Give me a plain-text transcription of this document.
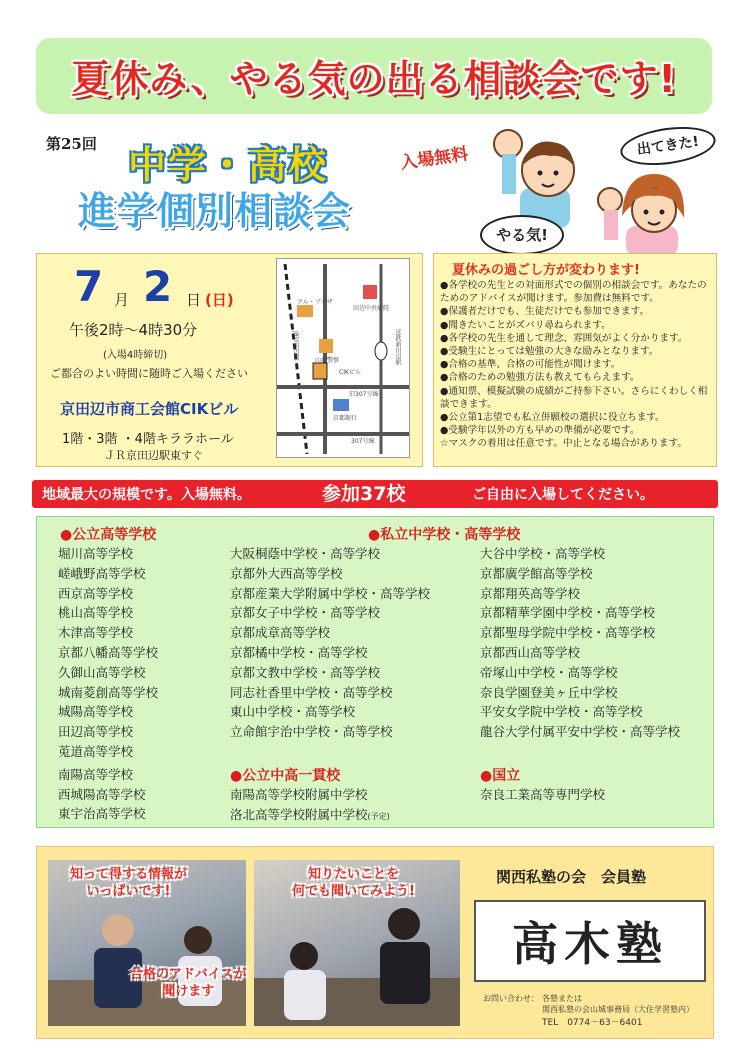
夏休み、やる気の出る相談会です!
第25回 中学・高校
進学個別相談会
入場無料
やる気!
出てきた!
7 月 2 日 (日)
午後2時～4時30分
(入場4時締切)
ご都合のよい時間に随時ご入場ください
京田辺市商工会館CIKビル
1階・3階 ・4階キララホール
ＪＲ京田辺駅東すぐ
アル・プラザ
田辺中央病院
JR京田辺駅	近鉄新田辺駅
京都銀行
CIKビル
旧307号線
307号線
山城警察
夏休みの過ごし方が変わります!
●各学校の先生との対面形式での個別の相談会です。あなたのためのアドバイスが聞けます。参加費は無料です。
●保護者だけでも、生徒だけでも参加できます。
●聞きたいことがズバリ尋ねられます。
●各学校の先生を通して理念、雰囲気がよく分かります。
●受験生にとっては勉強の大きな励みとなります。
●合格の基準、合格の可能性が聞けます。
●合格のための勉強方法も教えてもらえます。
●通知票、模擬試験の成績がご持参下さい。さらにくわしく相談できます。
●公立第1志望でも私立併願校の選択に役立ちます。
●受験学年以外の方も早めの準備が必要です。
☆マスクの着用は任意です。中止となる場合があります。
地域最大の規模です。入場無料。	参加37校	ご自由に入場してください。
●公立高等学校
堀川高等学校
嵯峨野高等学校
西京高等学校
桃山高等学校
木津高等学校
京都八幡高等学校
久御山高等学校
城南菱創高等学校
城陽高等学校
田辺高等学校
莵道高等学校
南陽高等学校
西城陽高等学校
東宇治高等学校
●私立中学校・高等学校
大阪桐蔭中学校・高等学校
京都外大西高等学校
京都産業大学附属中学校・高等学校
京都女子中学校・高等学校
京都成章高等学校
京都橘中学校・高等学校
京都文教中学校・高等学校
同志社香里中学校・高等学校
東山中学校・高等学校
立命館宇治中学校・高等学校
大谷中学校・高等学校
京都廣学館高等学校
京都翔英高等学校
京都精華学園中学校・高等学校
京都聖母学院中学校・高等学校
京都西山高等学校
帝塚山中学校・高等学校
奈良学園登美ヶ丘中学校
平安女学院中学校・高等学校
龍谷大学付属平安中学校・高等学校
●公立中高一貫校
南陽高等学校附属中学校
洛北高等学校附属中学校(予定)
●国立
奈良工業高等専門学校
知って得する情報が
いっぱいです!
合格のアドバイスが
聞けます
知りたいことを
何でも聞いてみよう!
関西私塾の会　会員塾
高木塾
お問い合わせ： 各塾または
関西私塾の会山城事務局（大住学習塾内）
TEL　0774－63－6401
